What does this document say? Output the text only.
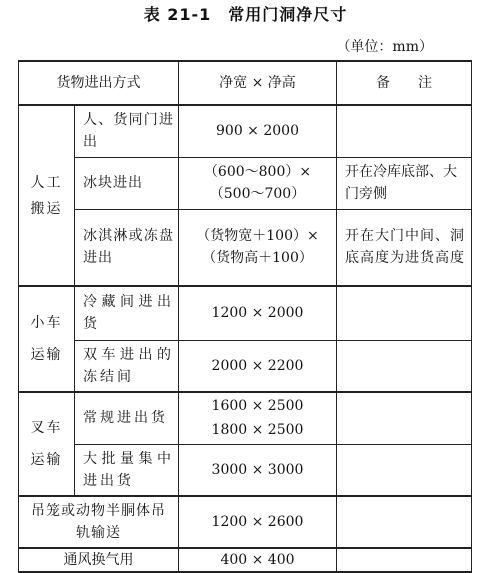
表 21-1　常用门洞净尺寸
（单位：mm）
货物进出方式		净宽 × 净高	备　　注

人工搬运	人、货同门进出	900 × 2000	
	冰块进出	（600～800）×（500～700）	开在冷库底部、大门旁侧
	冰淇淋或冻盘进出	（货物宽＋100）×（货物高＋100）	开在大门中间、洞底高度为进货高度

小车运输	冷藏间进出货	1200 × 2000	
	双车进出的冻结间	2000 × 2200	

叉车运输	常规进出货	1600 × 2500　1800 × 2500	
	大批量集中进出货	3000 × 3000	

吊笼或动物半胴体吊轨输送		1200 × 2600	
通风换气用		400 × 400	
